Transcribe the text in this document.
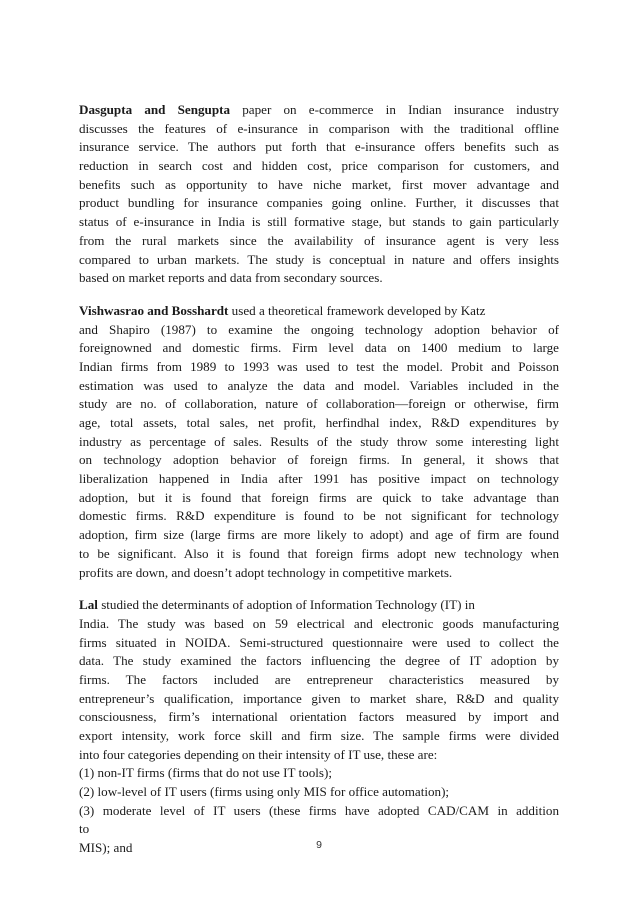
Dasgupta and Sengupta paper on e-commerce in Indian insurance industry
discusses the features of e-insurance in comparison with the traditional offline
insurance service. The authors put forth that e-insurance offers benefits such as
reduction in search cost and hidden cost, price comparison for customers, and
benefits such as opportunity to have niche market, first mover advantage and
product bundling for insurance companies going online. Further, it discusses that
status of e-insurance in India is still formative stage, but stands to gain particularly
from the rural markets since the availability of insurance agent is very less
compared to urban markets. The study is conceptual in nature and offers insights
based on market reports and data from secondary sources.
Vishwasrao and Bosshardt used a theoretical framework developed by Katz
and Shapiro (1987) to examine the ongoing technology adoption behavior of
foreignowned and domestic firms. Firm level data on 1400 medium to large
Indian firms from 1989 to 1993 was used to test the model. Probit and Poisson
estimation was used to analyze the data and model. Variables included in the
study are no. of collaboration, nature of collaboration—foreign or otherwise, firm
age, total assets, total sales, net profit, herfindhal index, R&D expenditures by
industry as percentage of sales. Results of the study throw some interesting light
on technology adoption behavior of foreign firms. In general, it shows that
liberalization happened in India after 1991 has positive impact on technology
adoption, but it is found that foreign firms are quick to take advantage than
domestic firms. R&D expenditure is found to be not significant for technology
adoption, firm size (large firms are more likely to adopt) and age of firm are found
to be significant. Also it is found that foreign firms adopt new technology when
profits are down, and doesn’t adopt technology in competitive markets.
Lal studied the determinants of adoption of Information Technology (IT) in
India. The study was based on 59 electrical and electronic goods manufacturing
firms situated in NOIDA. Semi-structured questionnaire were used to collect the
data. The study examined the factors influencing the degree of IT adoption by
firms. The factors included are entrepreneur characteristics measured by
entrepreneur’s qualification, importance given to market share, R&D and quality
consciousness, firm’s international orientation factors measured by import and
export intensity, work force skill and firm size. The sample firms were divided
into four categories depending on their intensity of IT use, these are:
(1) non-IT firms (firms that do not use IT tools);
(2) low-level of IT users (firms using only MIS for office automation);
(3) moderate level of IT users (these firms have adopted CAD/CAM in addition
to
MIS); and	9
